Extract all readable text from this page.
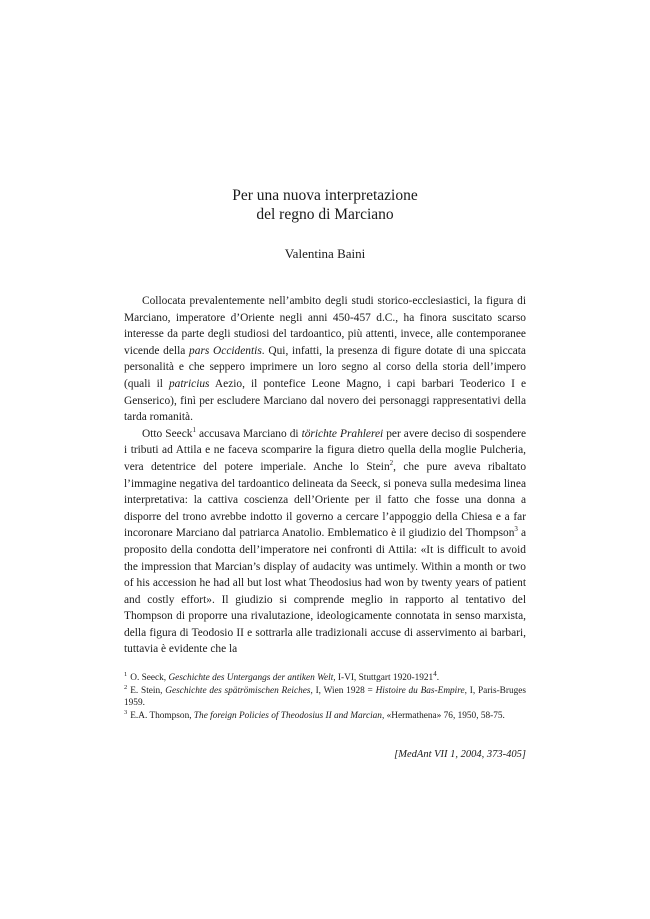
Per una nuova interpretazione
del regno di Marciano
Valentina Baini

Collocata prevalentemente nell’ambito degli studi storico-ecclesiastici, la figura di Marciano, imperatore d’Oriente negli anni 450-457 d.C., ha finora suscitato scarso interesse da parte degli studiosi del tardoantico, più attenti, invece, alle contemporanee vicende della pars Occidentis. Qui, infatti, la presenza di figure dotate di una spiccata personalità e che seppero imprimere un loro segno al corso della storia dell’impero (quali il patricius Aezio, il pontefice Leone Magno, i capi barbari Teoderico I e Genserico), finì per escludere Marciano dal novero dei personaggi rappresentativi della tarda romanità.

Otto Seeck$^1$ accusava Marciano di törichte Prahlerei per avere deciso di sospendere i tributi ad Attila e ne faceva scomparire la figura dietro quella della moglie Pulcheria, vera detentrice del potere imperiale. Anche lo Stein$^2$, che pure aveva ribaltato l’immagine negativa del tardoantico delineata da Seeck, si poneva sulla medesima linea interpretativa: la cattiva coscienza dell’Oriente per il fatto che fosse una donna a disporre del trono avrebbe indotto il governo a cercare l’appoggio della Chiesa e a far incoronare Marciano dal patriarca Anatolio. Emblematico è il giudizio del Thompson$^3$ a proposito della condotta dell’imperatore nei confronti di Attila: «It is difficult to avoid the impression that Marcian’s display of audacity was untimely. Within a month or two of his accession he had all but lost what Theodosius had won by twenty years of patient and costly effort». Il giudizio si comprende meglio in rapporto al tentativo del Thompson di proporre una rivalutazione, ideologicamente connotata in senso marxista, della figura di Teodosio II e sottrarla alle tradizionali accuse di asservimento ai barbari, tuttavia è evidente che la

$^1$ O. Seeck, Geschichte des Untergangs der antiken Welt, I-VI, Stuttgart 1920-1921$^4$.

$^2$ E. Stein, Geschichte des spätrömischen Reiches, I, Wien 1928 = Histoire du Bas-Empire, I, Paris-Bruges 1959.

$^3$ E.A. Thompson, The foreign Policies of Theodosius II and Marcian, «Hermathena» 76, 1950, 58-75.

[MedAnt VII 1, 2004, 373-405]
